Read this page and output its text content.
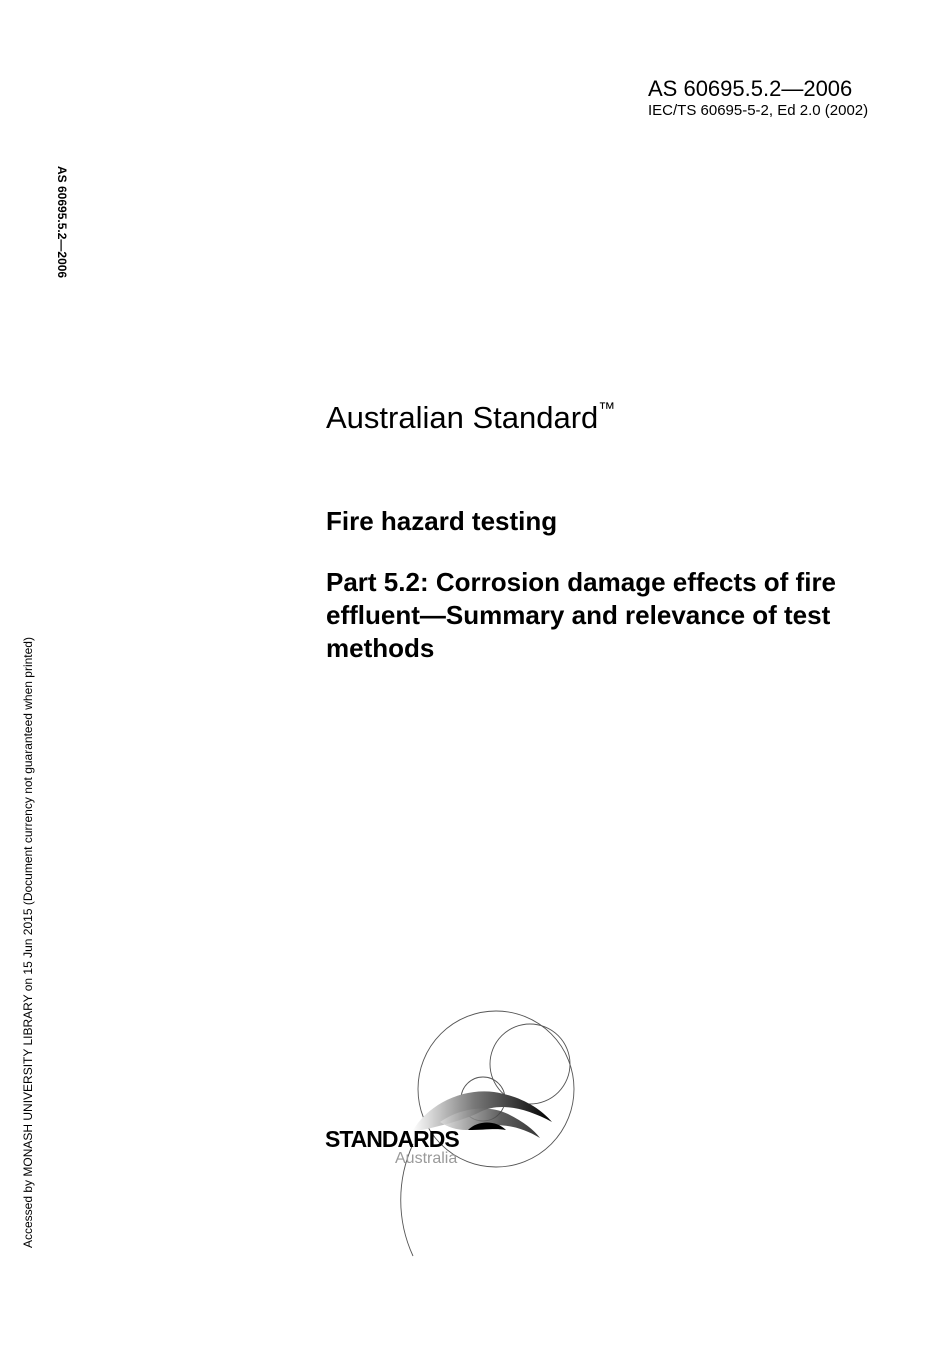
AS 60695.5.2—2006
IEC/TS 60695-5-2, Ed 2.0 (2002)
AS 60695.5.2—2006
Accessed by MONASH UNIVERSITY LIBRARY on 15 Jun 2015 (Document currency not guaranteed when printed)
Australian Standard™
Fire hazard testing
Part 5.2: Corrosion damage effects of fire effluent—Summary and relevance of test methods
STANDARDS
Australia
